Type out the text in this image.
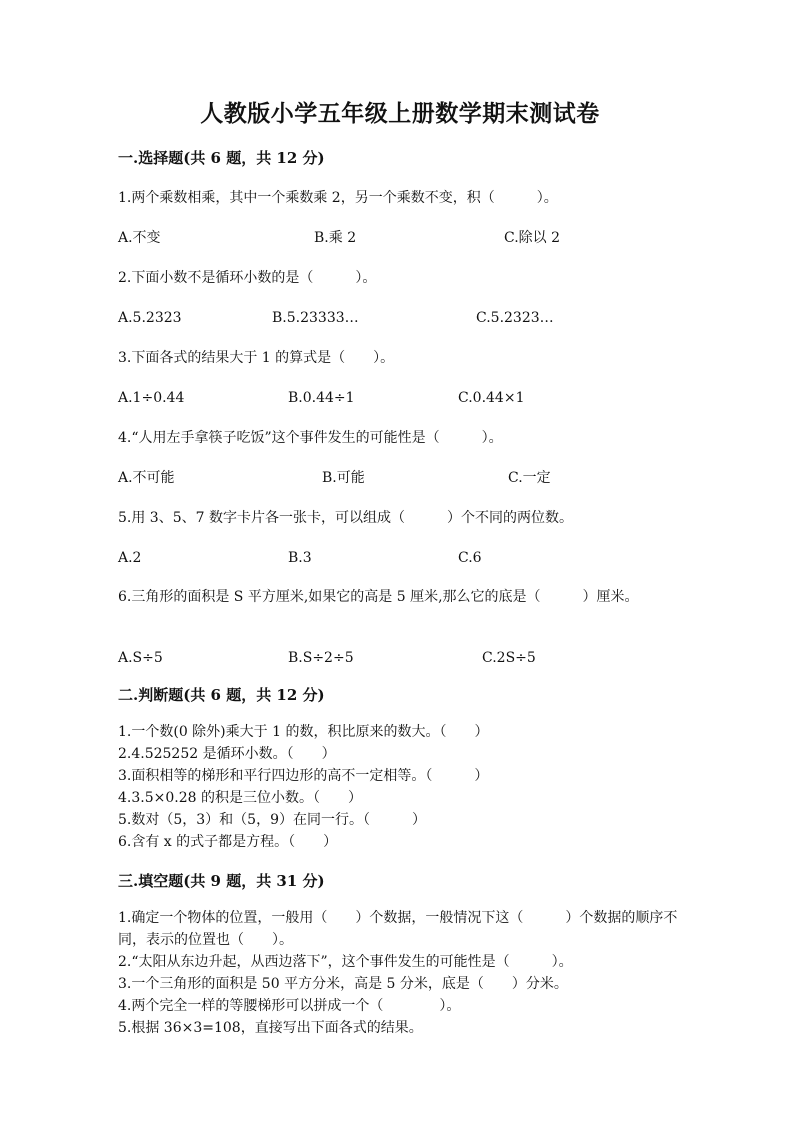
人教版小学五年级上册数学期末测试卷
一.选择题(共 6 题，共 12 分)
1.两个乘数相乘，其中一个乘数乘 2，另一个乘数不变，积（　　　）。
A.不变	B.乘 2	C.除以 2
2.下面小数不是循环小数的是（　　　）。
A.5.2323	B.5.23333…	C.5.2323…
3.下面各式的结果大于 1 的算式是（　　）。
A.1÷0.44	B.0.44÷1	C.0.44×1
4.“人用左手拿筷子吃饭”这个事件发生的可能性是（　　　）。
A.不可能	B.可能	C.一定
5.用 3、5、7 数字卡片各一张卡，可以组成（　　　）个不同的两位数。
A.2	B.3	C.6
6.三角形的面积是 S 平方厘米,如果它的高是 5 厘米,那么它的底是（　　　）厘米。
A.S÷5	B.S÷2÷5	C.2S÷5
二.判断题(共 6 题，共 12 分)
1.一个数(0 除外)乘大于 1 的数，积比原来的数大。（　　）
2.4.525252 是循环小数。（　　）
3.面积相等的梯形和平行四边形的高不一定相等。（　　　）
4.3.5×0.28 的积是三位小数。（　　）
5.数对（5，3）和（5，9）在同一行。（　　　）
6.含有 x 的式子都是方程。（　　）
三.填空题(共 9 题，共 31 分)
1.确定一个物体的位置，一般用（　　）个数据，一般情况下这（　　　）个数据的顺序不同，表示的位置也（　　）。
2.“太阳从东边升起，从西边落下”，这个事件发生的可能性是（　　　）。
3.一个三角形的面积是 50 平方分米，高是 5 分米，底是（　　）分米。
4.两个完全一样的等腰梯形可以拼成一个（　　　　）。
5.根据 36×3=108，直接写出下面各式的结果。
